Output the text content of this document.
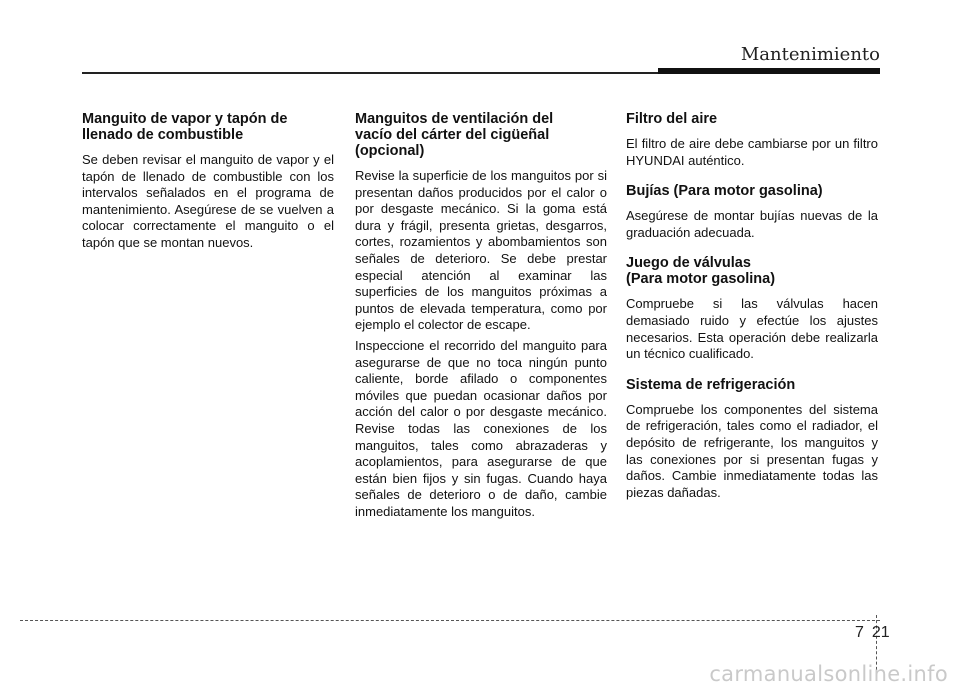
Mantenimiento
Manguito de vapor y tapón de
llenado de combustible

Se deben revisar el manguito de vapor y el tapón de llenado de combustible con los intervalos señalados en el programa de mantenimiento. Asegúrese de se vuelven a colocar correctamente el manguito o el tapón que se montan nuevos.

Manguitos de ventilación del
vacío del cárter del cigüeñal
(opcional)

Revise la superficie de los manguitos por si presentan daños producidos por el calor o por desgaste mecánico. Si la goma está dura y frágil, presenta grietas, desgarros, cortes, rozamientos y abombamientos son señales de deterioro. Se debe prestar especial atención al examinar las superficies de los manguitos próximas a puntos de elevada temperatura, como por ejemplo el colector de escape.

Inspeccione el recorrido del manguito para asegurarse de que no toca ningún punto caliente, borde afilado o componentes móviles que puedan ocasionar daños por acción del calor o por desgaste mecánico. Revise todas las conexiones de los manguitos, tales como abrazaderas y acoplamientos, para asegurarse de que están bien fijos y sin fugas. Cuando haya señales de deterioro o de daño, cambie inmediatamente los manguitos.

Filtro del aire

El filtro de aire debe cambiarse por un filtro HYUNDAI auténtico.

Bujías (Para motor gasolina)

Asegúrese de montar bujías nuevas de la graduación adecuada.

Juego de válvulas
(Para motor gasolina)

Compruebe si las válvulas hacen demasiado ruido y efectúe los ajustes necesarios. Esta operación debe realizarla un técnico cualificado.

Sistema de refrigeración

Compruebe los componentes del sistema de refrigeración, tales como el radiador, el depósito de refrigerante, los manguitos y las conexiones por si presentan fugas y daños. Cambie inmediatamente todas las piezas dañadas.

7 21
carmanualsonline.info
